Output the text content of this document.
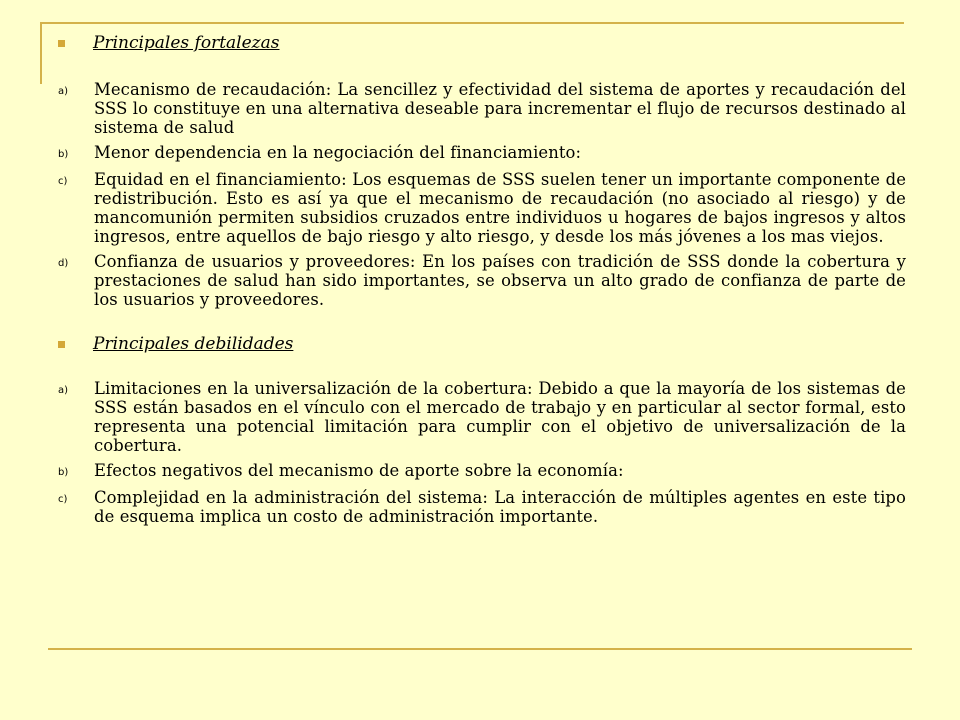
Principales fortalezas
a)	Mecanismo de recaudación: La sencillez y efectividad del sistema de aportes y recaudación del SSS lo constituye en una alternativa deseable para incrementar el flujo de recursos destinado al sistema de salud
b)	Menor dependencia en la negociación del financiamiento:
c)	Equidad en el financiamiento: Los esquemas de SSS suelen tener un importante componente de redistribución. Esto es así ya que el mecanismo de recaudación (no asociado al riesgo) y de mancomunión permiten subsidios cruzados entre individuos u hogares de bajos ingresos y altos ingresos, entre aquellos de bajo riesgo y alto riesgo, y desde los más jóvenes a los mas viejos.
d)	Confianza de usuarios y proveedores: En los países con tradición de SSS donde la cobertura y prestaciones de salud han sido importantes, se observa un alto grado de confianza de parte de los usuarios y proveedores.
Principales debilidades
a)	Limitaciones en la universalización de la cobertura: Debido a que la mayoría de los sistemas de SSS están basados en el vínculo con el mercado de trabajo y en particular al sector formal, esto representa una potencial limitación para cumplir con el objetivo de universalización de la cobertura.
b)	Efectos negativos del mecanismo de aporte sobre la economía:
c)	Complejidad en la administración del sistema: La interacción de múltiples agentes en este tipo de esquema implica un costo de administración importante.
